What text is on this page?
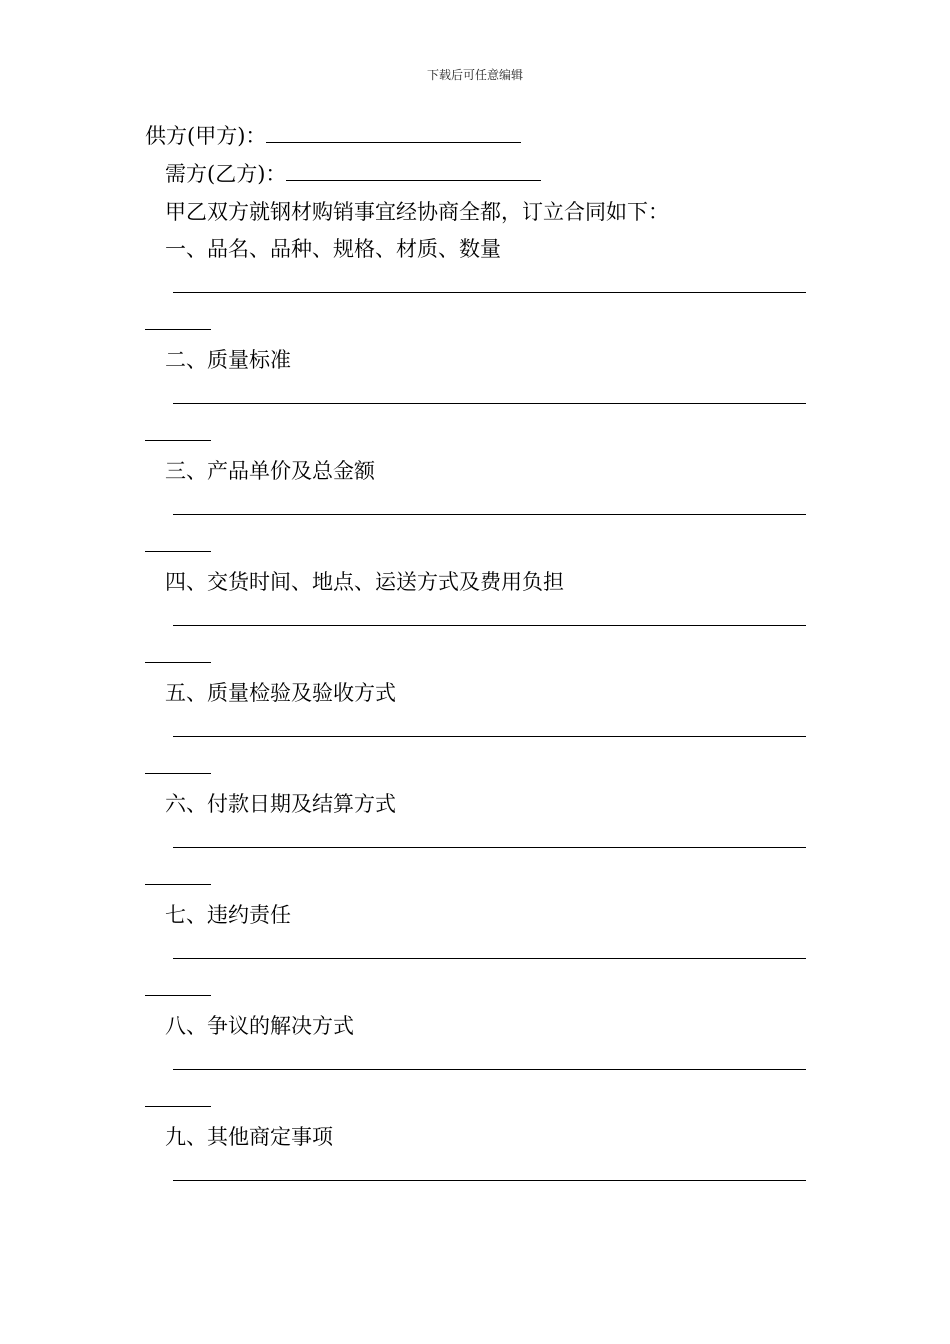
下载后可任意编辑
供方(甲方)：
需方(乙方)：
甲乙双方就钢材购销事宜经协商全都，订立合同如下：
一、品名、品种、规格、材质、数量
二、质量标准
三、产品单价及总金额
四、交货时间、地点、运送方式及费用负担
五、质量检验及验收方式
六、付款日期及结算方式
七、违约责任
八、争议的解决方式
九、其他商定事项
